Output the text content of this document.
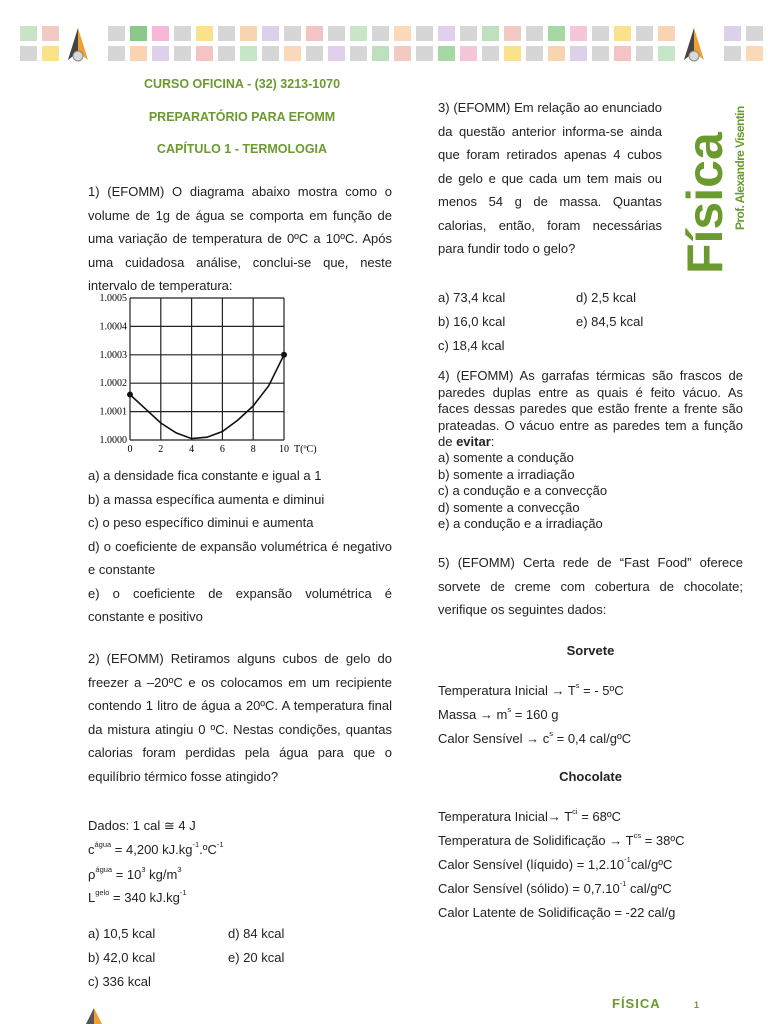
CURSO OFICINA - (32) 3213-1070
PREPARATÓRIO PARA EFOMM
CAPÍTULO 1 - TERMOLOGIA	Física Prof. Alexandre Visentin
1) (EFOMM) O diagrama abaixo mostra como o volume de 1g de água se comporta em função de uma variação de temperatura de 0ºC a 10ºC. Após uma cuidadosa análise, conclui-se que, neste intervalo de temperatura:
0	2	4	6	8 10
1.0000
1.0001
1.0002
1.0003
1.0004
1.0005
T(ºC)
a) a densidade fica constante e igual a 1
b) a massa específica aumenta e diminui
c) o peso específico diminui e aumenta
d) o coeficiente de expansão volumétrica é negativo e constante
e) o coeficiente de expansão volumétrica é constante e positivo
2) (EFOMM) Retiramos alguns cubos de gelo do freezer a –20ºC e os colocamos em um recipiente contendo 1 litro de água a 20ºC. A temperatura final da mistura atingiu 0 ºC. Nestas condições, quantas calorias foram perdidas pela água para que o equilíbrio térmico fosse atingido?
Dados: 1 cal ≅ 4 J
$c^{água} = 4,200$ $kJ.kg^{-1}.ºC^{-1}$
$\rho^{água} = 10^3$ $kg/m^3$
$L^{gelo} = 340$ $kJ.kg^{-1}$
a) 10,5 kcal	d) 84 kcal
b) 42,0 kcal	e) 20 kcal
c) 336 kcal
3) (EFOMM) Em relação ao enunciado da questão anterior informa-se ainda que foram retirados apenas 4 cubos de gelo e que cada um tem mais ou menos 54 g de massa. Quantas calorias, então, foram necessárias para fundir todo o gelo?
a) 73,4 kcal	d) 2,5 kcal
b) 16,0 kcal	e) 84,5 kcal
c) 18,4 kcal
4) (EFOMM) As garrafas térmicas são frascos de paredes duplas entre as quais é feito vácuo. As faces dessas paredes que estão frente a frente são prateadas. O vácuo entre as paredes tem a função de evitar:
a) somente a condução
b) somente a irradiação
c) a condução e a convecção
d) somente a convecção
e) a condução e a irradiação
5) (EFOMM) Certa rede de “Fast Food” oferece sorvete de creme com cobertura de chocolate; verifique os seguintes dados:
Sorvete
Temperatura Inicial → $T^s$ = - 5ºC
Massa → $m^s = 160$ g
Calor Sensível → $c^s = 0,4$ cal/gºC
Chocolate
Temperatura Inicial→ $T^{ci}$ = 68ºC
Temperatura de Solidificação → $T^{cs}$ = 38ºC
Calor Sensível (líquido) = $1,2.10^{-1}cal$/gºC
Calor Sensível (sólido) = $0,7.10^{-1}$ cal/gºC
Calor Latente de Solidificação = -22 cal/g
FÍSICA	1
